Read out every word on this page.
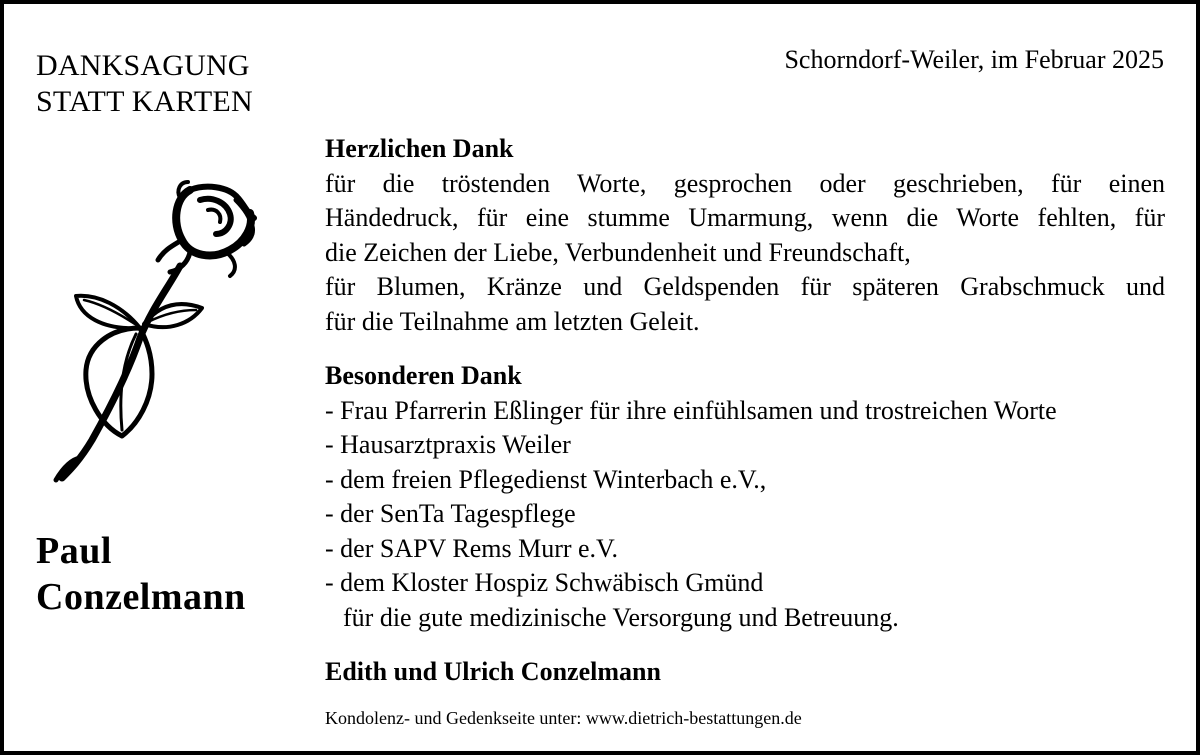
DANKSAGUNG
STATT KARTEN
Schorndorf-Weiler, im Februar 2025
Paul
Conzelmann
Herzlichen Dank
für die tröstenden Worte, gesprochen oder geschrieben, für einen
Händedruck, für eine stumme Umarmung, wenn die Worte fehlten, für
die Zeichen der Liebe, Verbundenheit und Freundschaft,
für Blumen, Kränze und Geldspenden für späteren Grabschmuck und
für die Teilnahme am letzten Geleit.
Besonderen Dank
- Frau Pfarrerin Eßlinger für ihre einfühlsamen und trostreichen Worte
- Hausarztpraxis Weiler
- dem freien Pflegedienst Winterbach e.V.,
- der SenTa Tagespflege
- der SAPV Rems Murr e.V.
- dem Kloster Hospiz Schwäbisch Gmünd
für die gute medizinische Versorgung und Betreuung.
Edith und Ulrich Conzelmann
Kondolenz- und Gedenkseite unter: www.dietrich-bestattungen.de
